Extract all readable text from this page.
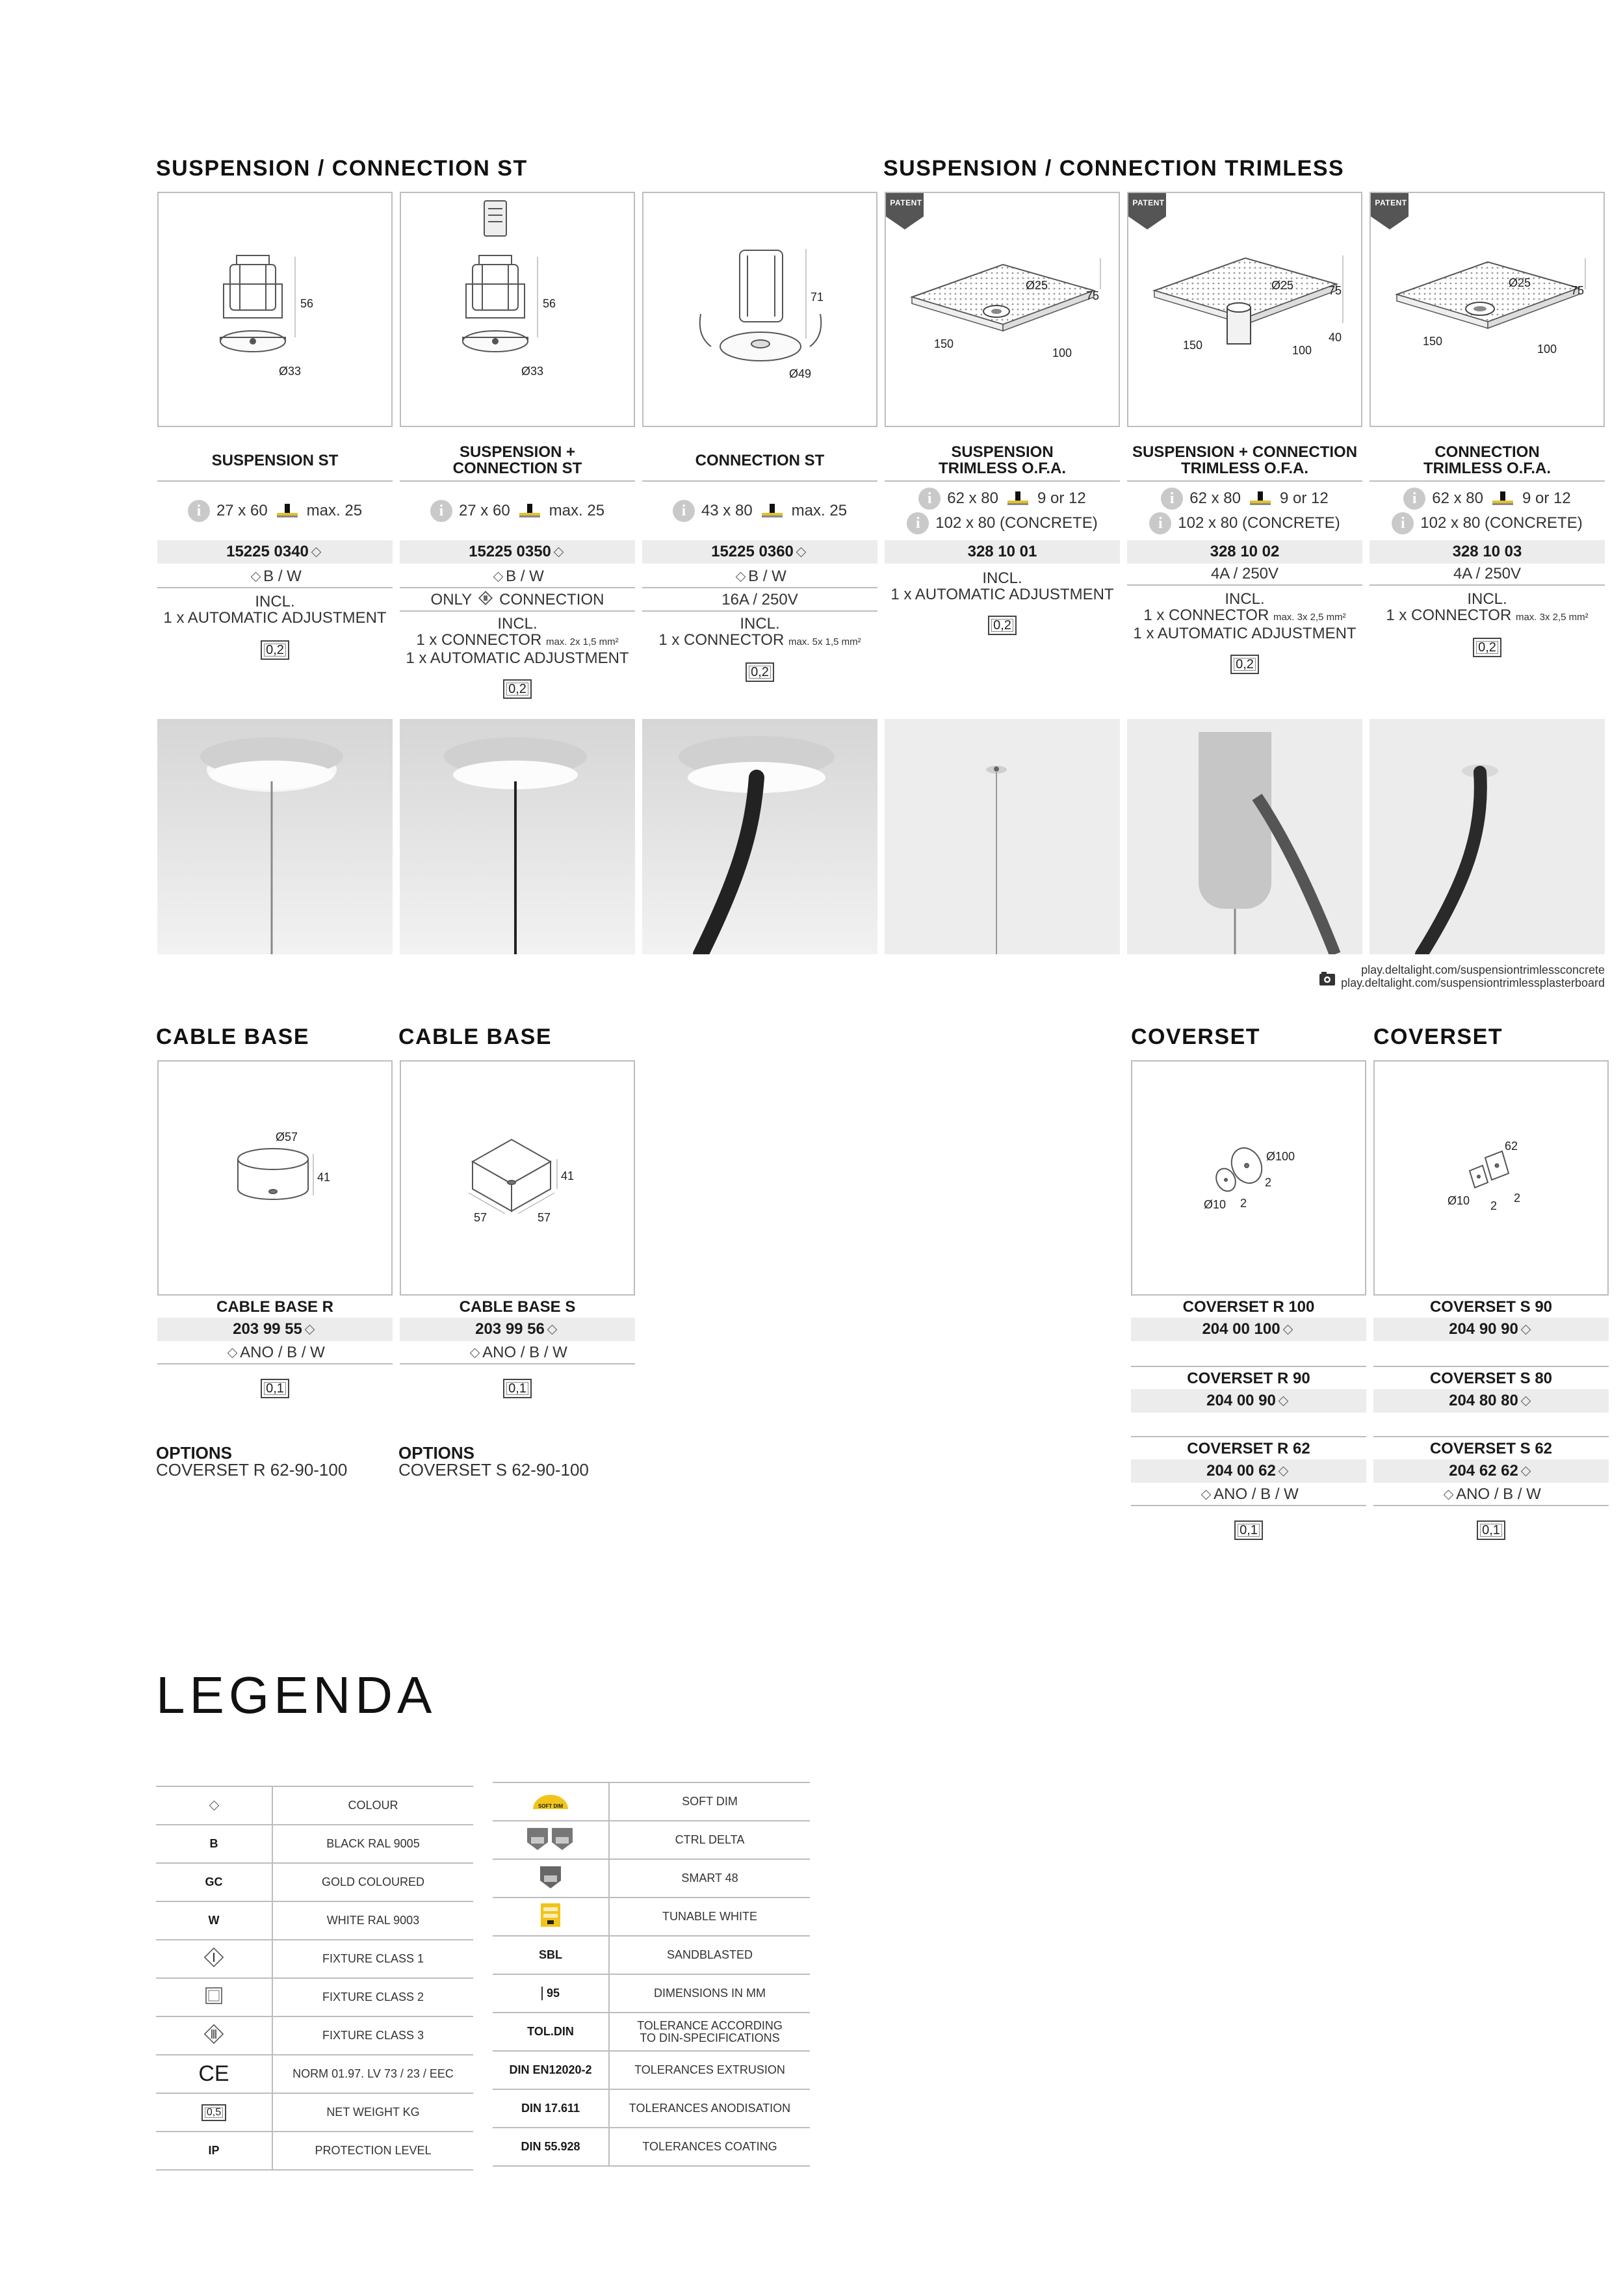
SUSPENSION / CONNECTION ST	SUSPENSION / CONNECTION TRIMLESS
56
Ø33
SUSPENSION ST
i 27 x 60	max. 25
15225 0340
B / W
INCL.
1 x AUTOMATIC ADJUSTMENT
0,2
56
Ø33
SUSPENSION + CONNECTION ST
i 27 x 60	max. 25
15225 0350
B / W
ONLY CONNECTION
INCL.
1 x CONNECTOR max. 2x 1,5 mm²
1 x AUTOMATIC ADJUSTMENT
0,2
71
Ø49
CONNECTION ST
i 43 x 80	max. 25
15225 0360
B / W
16A / 250V
INCL.
1 x CONNECTOR max. 5x 1,5 mm²
0,2
PATENT
Ø25
75
150
100
SUSPENSION TRIMLESS O.F.A.
i 62 x 80	9 or 12
i 102 x 80 (CONCRETE)
328 10 01
INCL.
1 x AUTOMATIC ADJUSTMENT
0,2
PATENT
Ø25	75
40
150	100
SUSPENSION + CONNECTION TRIMLESS O.F.A.
i 62 x 80	9 or 12
i 102 x 80 (CONCRETE)
328 10 02
4A / 250V
INCL.
1 x CONNECTOR max. 3x 2,5 mm²
1 x AUTOMATIC ADJUSTMENT
0,2
PATENT
Ø25
75
150
100
CONNECTION TRIMLESS O.F.A.
i 62 x 80	9 or 12
i 102 x 80 (CONCRETE)
328 10 03
4A / 250V
INCL.
1 x CONNECTOR max. 3x 2,5 mm²
0,2
play.deltalight.com/suspensiontrimlessconcrete
play.deltalight.com/suspensiontrimlessplasterboard
CABLE BASE	CABLE BASE
Ø57
41
CABLE BASE R
203 99 55
ANO / B / W
0,1
OPTIONS
COVERSET R 62-90-100
41
57	57
CABLE BASE S
203 99 56
ANO / B / W
0,1
OPTIONS
COVERSET S 62-90-100
COVERSET	COVERSET
Ø100
2
Ø10 2
COVERSET R 100
204 00 100
COVERSET R 90
204 00 90
COVERSET R 62
204 00 62
ANO / B / W
0,1
62
2
Ø10 2
COVERSET S 90
204 90 90
COVERSET S 80
204 80 80
COVERSET S 62
204 62 62
ANO / B / W
0,1
LEGENDA
COLOUR
B	BLACK RAL 9005
GC	GOLD COLOURED
W	WHITE RAL 9003
FIXTURE CLASS 1
FIXTURE CLASS 2
FIXTURE CLASS 3
CE	NORM 01.97. LV 73 / 23 / EEC
0,5	NET WEIGHT KG
IP	PROTECTION LEVEL
SOFT DIM	SOFT DIM
CTRL DELTA
SMART 48
TUNABLE WHITE
SBL	SANDBLASTED
95	DIMENSIONS IN MM
TOL.DIN	TOLERANCE ACCORDING
TO DIN-SPECIFICATIONS
DIN EN12020-2	TOLERANCES EXTRUSION
DIN 17.611	TOLERANCES ANODISATION
DIN 55.928	TOLERANCES COATING
